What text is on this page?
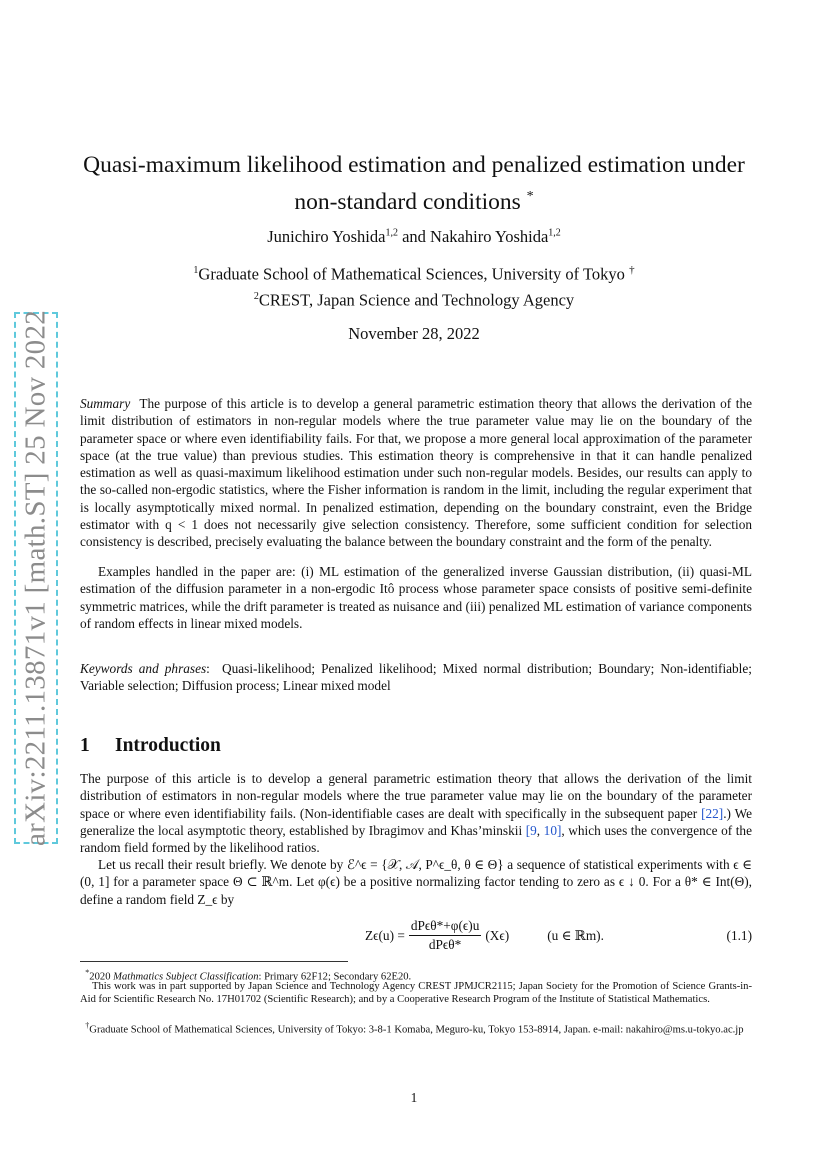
arXiv:2211.13871v1 [math.ST] 25 Nov 2022
Quasi-maximum likelihood estimation and penalized estimation under
non-standard conditions *
Junichiro Yoshida$^{1,2}$ and Nakahiro Yoshida$^{1,2}$
$^1$Graduate School of Mathematical Sciences, University of Tokyo †
$^2$CREST, Japan Science and Technology Agency
November 28, 2022
Summary The purpose of this article is to develop a general parametric estimation theory that allows the derivation of the limit distribution of estimators in non-regular models where the true parameter value may lie on the boundary of the parameter space or where even identifiability fails. For that, we propose a more general local approximation of the parameter space (at the true value) than previous studies. This estimation theory is comprehensive in that it can handle penalized estimation as well as quasi-maximum likelihood estimation under such non-regular models. Besides, our results can apply to the so-called non-ergodic statistics, where the Fisher information is random in the limit, including the regular experiment that is locally asymptotically mixed normal. In penalized estimation, depending on the boundary constraint, even the Bridge estimator with q < 1 does not necessarily give selection consistency. Therefore, some sufficient condition for selection consistency is described, precisely evaluating the balance between the boundary constraint and the form of the penalty.
Examples handled in the paper are: (i) ML estimation of the generalized inverse Gaussian distribution, (ii) quasi-ML estimation of the diffusion parameter in a non-ergodic Itô process whose parameter space consists of positive semi-definite symmetric matrices, while the drift parameter is treated as nuisance and (iii) penalized ML estimation of variance components of random effects in linear mixed models.
Keywords and phrases:  Quasi-likelihood; Penalized likelihood; Mixed normal distribution; Boundary; Non-identifiable; Variable selection; Diffusion process; Linear mixed model
1 Introduction
The purpose of this article is to develop a general parametric estimation theory that allows the derivation of the limit distribution of estimators in non-regular models where the true parameter value may lie on the boundary of the parameter space or where even identifiability fails. (Non-identifiable cases are dealt with specifically in the subsequent paper [22].) We generalize the local asymptotic theory, established by Ibragimov and Khas’minskii [9, 10], which uses the convergence of the random field formed by the likelihood ratios.
Let us recall their result briefly. We denote by ℰ^ϵ = {𝒳, 𝒜, P^ϵ_θ, θ ∈ Θ} a sequence of statistical experiments with ϵ ∈ (0, 1] for a parameter space Θ ⊂ ℝ^m. Let φ(ϵ) be a positive normalizing factor tending to zero as ϵ ↓ 0. For a θ* ∈ Int(Θ), define a random field Z_ϵ by
$Z\epsilon(u) = \frac{\text{dPϵθ*+φ(ϵ)u}}{\text{dPϵθ*}} (X\epsilon)$	(u ∈ ℝm).	(1.1)
*2020 Mathmatics Subject Classification: Primary 62F12; Secondary 62E20.
This work was in part supported by Japan Science and Technology Agency CREST JPMJCR2115; Japan Society for the Promotion of Science Grants-in-Aid for Scientific Research No. 17H01702 (Scientific Research); and by a Cooperative Research Program of the Institute of Statistical Mathematics.
†Graduate School of Mathematical Sciences, University of Tokyo: 3-8-1 Komaba, Meguro-ku, Tokyo 153-8914, Japan. e-mail: nakahiro@ms.u-tokyo.ac.jp
1
